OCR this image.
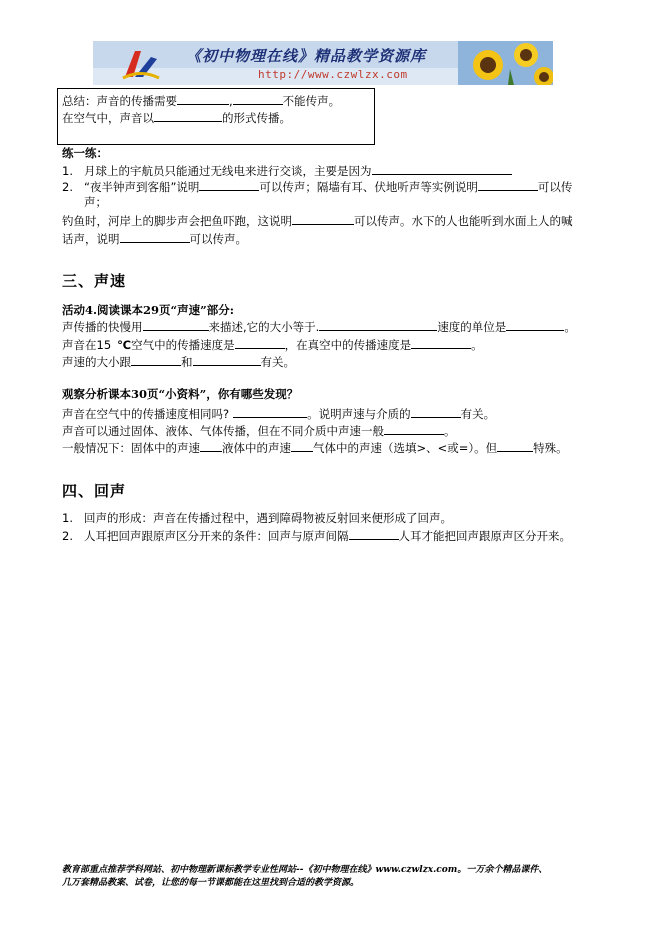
《初中物理在线》精品教学资源库
http://www.czwlzx.com
总结：声音的传播需要	,	不能传声。
在空气中，声音以	的形式传播。
练一练：
1. 月球上的宇航员只能通过无线电来进行交谈，主要是因为
2. “夜半钟声到客船”说明	可以传声；隔墙有耳、伏地听声等实例说明	可以传
声；
钓鱼时，河岸上的脚步声会把鱼吓跑，这说明	可以传声。水下的人也能听到水面上人的喊
话声，说明	可以传声。
三、声速
活动4.阅读课本29页“声速”部分:
声传播的快慢用	来描述,它的大小等于.	速度的单位是	。
声音在15 ℃空气中的传播速度是	，在真空中的传播速度是	。
声速的大小跟	和	有关。
观察分析课本30页“小资料”，你有哪些发现？
声音在空气中的传播速度相同吗?	。说明声速与介质的	有关。
声音可以通过固体、液体、气体传播，但在不同介质中声速一般	。
一般情况下：固体中的声速 液体中的声速 气体中的声速（选填>、<或=）。但	特殊。
四、回声
1. 回声的形成：声音在传播过程中，遇到障碍物被反射回来便形成了回声。
2. 人耳把回声跟原声区分开来的条件：回声与原声间隔	人耳才能把回声跟原声区分开来。
教育部重点推荐学科网站、初中物理新课标教学专业性网站--《初中物理在线》www.czwlzx.com。一万余个精品课件、
几万套精品教案、试卷，让您的每一节课都能在这里找到合适的教学资源。
